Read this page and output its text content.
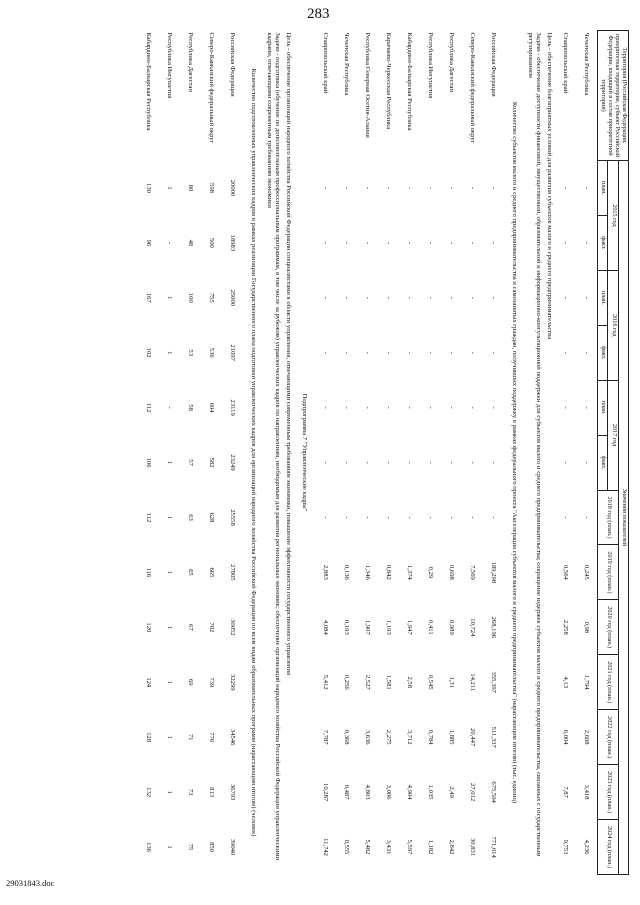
283
Территория (Российская Федерация, приоритетная территория, субъект Российской Федерации, входящий в состав приоритетной территории)	Значения показателей												
	2015 год		2016 год		2017 год		2018 год (план.)	2019 год (план.)	2020 год (план.)	2021 год (план.)	2022 год (план.)	2023 год (план.)	2024 год (план.)
	план.	факт.	план.	факт.	план.	факт.							
Чеченская Республика	-	-	-	-	-	-	-	0,245	0,98	1,794	2,608	3,418	4,236
Ставропольский край	-	-	-	-	-	-	-	0,564	2,258	4,13	6,004	7,87	9,753
Цель - обеспечение благоприятных условий для развития субъектов малого и среднего предпринимательства													
Задачи - обеспечение доступности финансовой, имущественной, образовательной и информационно-консультационной поддержки для субъектов малого и среднего предпринимательства; сокращение издержек субъектов малого и среднего предпринимательства, связанных с государственным регулированием													
Количество субъектов малого и среднего предпринимательства и самозанятых граждан, получивших поддержку в рамках федерального проекта "Акселерация субъектов малого и среднего предпринимательства" (нарастающим итогом) (тыс. единиц)													
Российская Федерация	-	-	-	-	-	-	-	189,298	268,196	355,397	511,337	675,504	771,014
Северо-Кавказский федеральный округ	-	-	-	-	-	-	-	7,569	10,724	14,211	20,447	27,012	30,831
Республика Дагестан	-	-	-	-	-	-	-	0,698	0,989	1,31	1,885	2,49	2,842
Республика Ингушетия	-	-	-	-	-	-	-	0,29	0,411	0,545	0,784	1,035	1,182
Кабардино-Балкарская Республика	-	-	-	-	-	-	-	1,374	1,947	2,58	3,712	4,904	5,597
Карачаево-Черкесская Республика	-	-	-	-	-	-	-	0,842	1,193	1,581	2,275	3,006	3,431
Республика Северная Осетия-Алания	-	-	-	-	-	-	-	1,346	1,907	2,527	3,636	4,803	5,482
Чеченская Республика	-	-	-	-	-	-	-	0,136	0,193	0,256	0,368	0,487	0,555
Ставропольский край	-	-	-	-	-	-	-	2,883	4,084	5,412	7,787	10,287	11,742
Подпрограмма 7 "Управленческие кадры"													
Цель - обеспечение организаций народного хозяйства Российской Федерации специалистами в области управления, отвечающими современным требованиям экономики, повышение эффективности государственного управления													
Задачи - подготовка (обучение по дополнительным профессиональным программам, в том числе за рубежом) управленческих кадров по направлениям, необходимым для развития региональных экономик; обеспечение организаций народного хозяйства Российской Федерации управленческими кадрами, отвечающими современным требованиям экономики													
Количество подготовленных управленческих кадров в рамках реализации Государственного плана подготовки управленческих кадров для организаций народного хозяйства Российской Федерации по всем видам образовательных программ (нарастающим итогом) (человек)													
Российская Федерация	20000	18983	25000	21097	23119	23249	25558	27805	30052	32299	34546	36793	39040
Северо-Кавказский федеральный округ	598	500	755	536	604	582	628	665	702	739	776	813	850
Республика Дагестан	80	48	100	53	58	57	63	65	67	69	71	73	75
Республика Ингушетия	1	-	1	1	-	1	1	1	1	1	1	1	1
Кабардино-Балкарская Республика	130	96	167	102	112	106	112	116	120	124	128	132	136
29031843.doc
